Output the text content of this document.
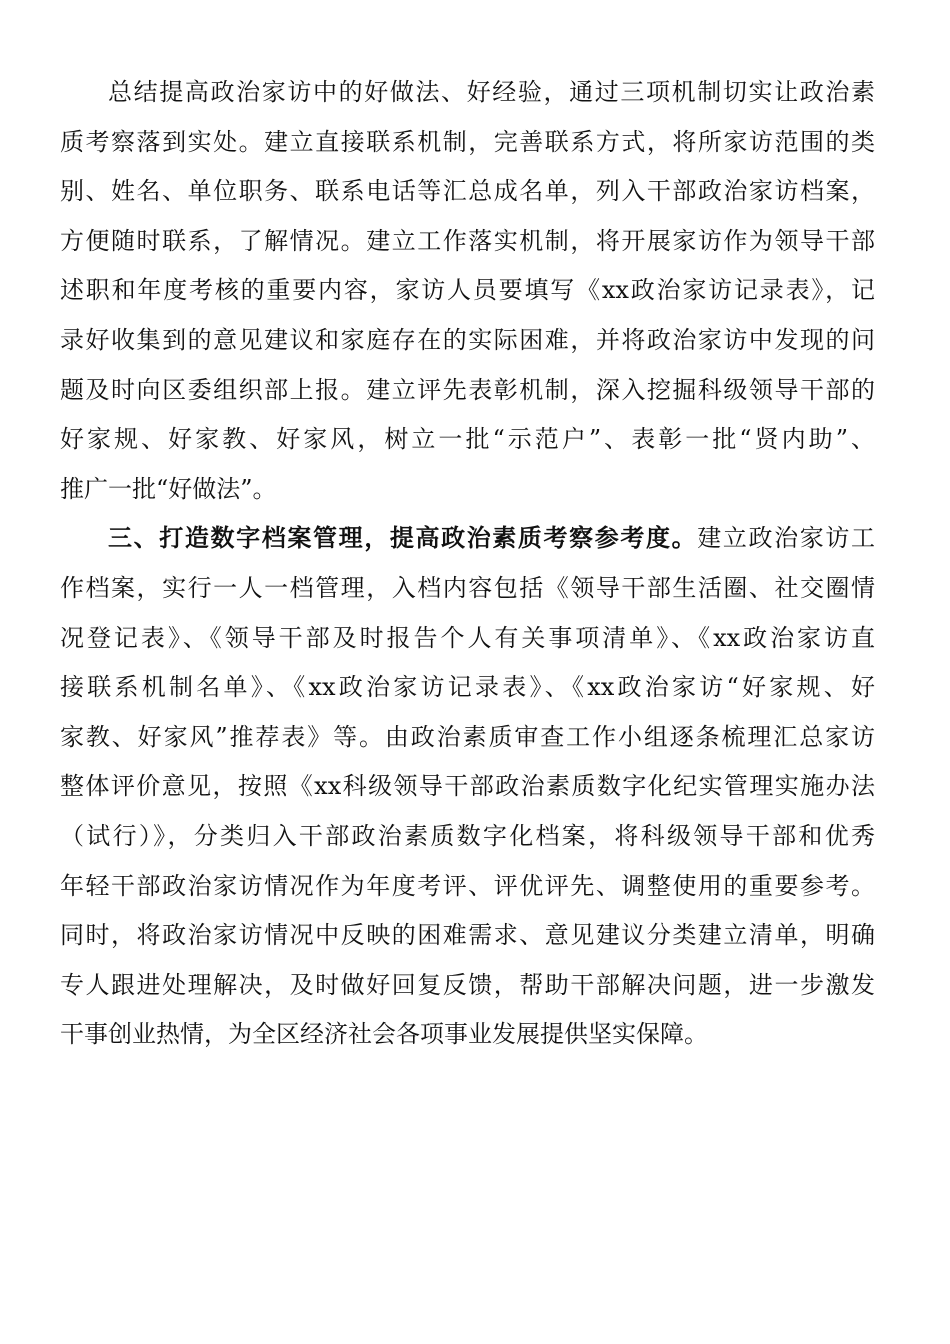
总结提高政治家访中的好做法、好经验，通过三项机制切实让政治素
质考察落到实处。建立直接联系机制，完善联系方式，将所家访范围的类
别、姓名、单位职务、联系电话等汇总成名单，列入干部政治家访档案，
方便随时联系，了解情况。建立工作落实机制，将开展家访作为领导干部
述职和年度考核的重要内容，家访人员要填写《xx政治家访记录表》，记
录好收集到的意见建议和家庭存在的实际困难，并将政治家访中发现的问
题及时向区委组织部上报。建立评先表彰机制，深入挖掘科级领导干部的
好家规、好家教、好家风，树立一批“示范户”、表彰一批“贤内助”、
推广一批“好做法”。
三、打造数字档案管理，提高政治素质考察参考度。建立政治家访工
作档案，实行一人一档管理，入档内容包括《领导干部生活圈、社交圈情
况登记表》、《领导干部及时报告个人有关事项清单》、《xx政治家访直
接联系机制名单》、《xx政治家访记录表》、《xx政治家访“好家规、好
家教、好家风”推荐表》等。由政治素质审查工作小组逐条梳理汇总家访
整体评价意见，按照《xx科级领导干部政治素质数字化纪实管理实施办法
（试行）》，分类归入干部政治素质数字化档案，将科级领导干部和优秀
年轻干部政治家访情况作为年度考评、评优评先、调整使用的重要参考。
同时，将政治家访情况中反映的困难需求、意见建议分类建立清单，明确
专人跟进处理解决，及时做好回复反馈，帮助干部解决问题，进一步激发
干事创业热情，为全区经济社会各项事业发展提供坚实保障。
